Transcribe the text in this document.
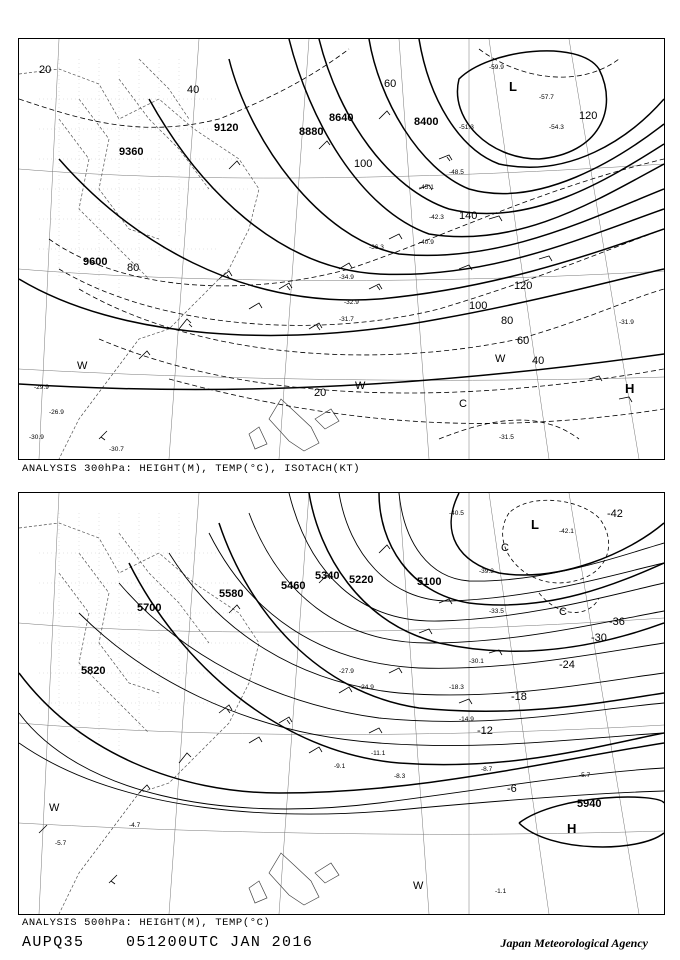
9600
9360
9120	8880
8640	8400
20
40	60
80
100
120
140
20
40
60
80
100
120
L
H
W
W
W
C
-29.9
-30.9
-30.7
-26.9
-31.7
-32.9
-34.9
-36.3
-40.9
-42.3
-45.1
-48.5
-51.3
-59.9
-57.7
-54.3
-31.9
-31.5
ANALYSIS 300hPa: HEIGHT(M), TEMP(°C), ISOTACH(KT)
5820
5700
5580
5460
5340 5220	5100
5940
-42
-36
-30
-24
-18
-12
-6
L
H
W
W
C
C
-40.5
-42.1
-39.3
-33.5
-30.1
-27.9
-24.9	-18.3
-14.9
-11.1
-9.1
-8.3
-8.7
-5.7
-1.1
-4.7
-5.7
ANALYSIS 500hPa: HEIGHT(M), TEMP(°C)
AUPQ35	051200UTC JAN 2016	Japan Meteorological Agency
